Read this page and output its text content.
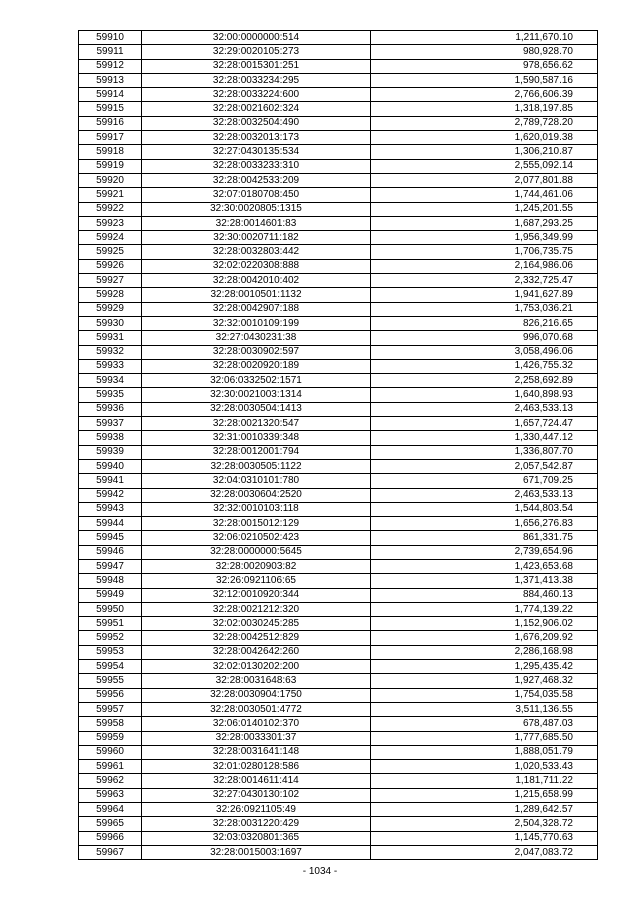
59910	32:00:0000000:514	1,211,670.10
59911	32:29:0020105:273	980,928.70
59912	32:28:0015301:251	978,656.62
59913	32:28:0033234:295	1,590,587.16
59914	32:28:0033224:600	2,766,606.39
59915	32:28:0021602:324	1,318,197.85
59916	32:28:0032504:490	2,789,728.20
59917	32:28:0032013:173	1,620,019.38
59918	32:27:0430135:534	1,306,210.87
59919	32:28:0033233:310	2,555,092.14
59920	32:28:0042533:209	2,077,801.88
59921	32:07:0180708:450	1,744,461.06
59922	32:30:0020805:1315	1,245,201.55
59923	32:28:0014601:83	1,687,293.25
59924	32:30:0020711:182	1,956,349.99
59925	32:28:0032803:442	1,706,735.75
59926	32:02:0220308:888	2,164,986.06
59927	32:28:0042010:402	2,332,725.47
59928	32:28:0010501:1132	1,941,627.89
59929	32:28:0042907:188	1,753,036.21
59930	32:32:0010109:199	826,216.65
59931	32:27:0430231:38	996,070.68
59932	32:28:0030902:597	3,058,496.06
59933	32:28:0020920:189	1,426,755.32
59934	32:06:0332502:1571	2,258,692.89
59935	32:30:0021003:1314	1,640,898.93
59936	32:28:0030504:1413	2,463,533.13
59937	32:28:0021320:547	1,657,724.47
59938	32:31:0010339:348	1,330,447.12
59939	32:28:0012001:794	1,336,807.70
59940	32:28:0030505:1122	2,057,542.87
59941	32:04:0310101:780	671,709.25
59942	32:28:0030604:2520	2,463,533.13
59943	32:32:0010103:118	1,544,803.54
59944	32:28:0015012:129	1,656,276.83
59945	32:06:0210502:423	861,331.75
59946	32:28:0000000:5645	2,739,654.96
59947	32:28:0020903:82	1,423,653.68
59948	32:26:0921106:65	1,371,413.38
59949	32:12:0010920:344	884,460.13
59950	32:28:0021212:320	1,774,139.22
59951	32:02:0030245:285	1,152,906.02
59952	32:28:0042512:829	1,676,209.92
59953	32:28:0042642:260	2,286,168.98
59954	32:02:0130202:200	1,295,435.42
59955	32:28:0031648:63	1,927,468.32
59956	32:28:0030904:1750	1,754,035.58
59957	32:28:0030501:4772	3,511,136.55
59958	32:06:0140102:370	678,487.03
59959	32:28:0033301:37	1,777,685.50
59960	32:28:0031641:148	1,888,051.79
59961	32:01:0280128:586	1,020,533.43
59962	32:28:0014611:414	1,181,711.22
59963	32:27:0430130:102	1,215,658.99
59964	32:26:0921105:49	1,289,642.57
59965	32:28:0031220:429	2,504,328.72
59966	32:03:0320801:365	1,145,770.63
59967	32:28:0015003:1697	2,047,083.72
- 1034 -
